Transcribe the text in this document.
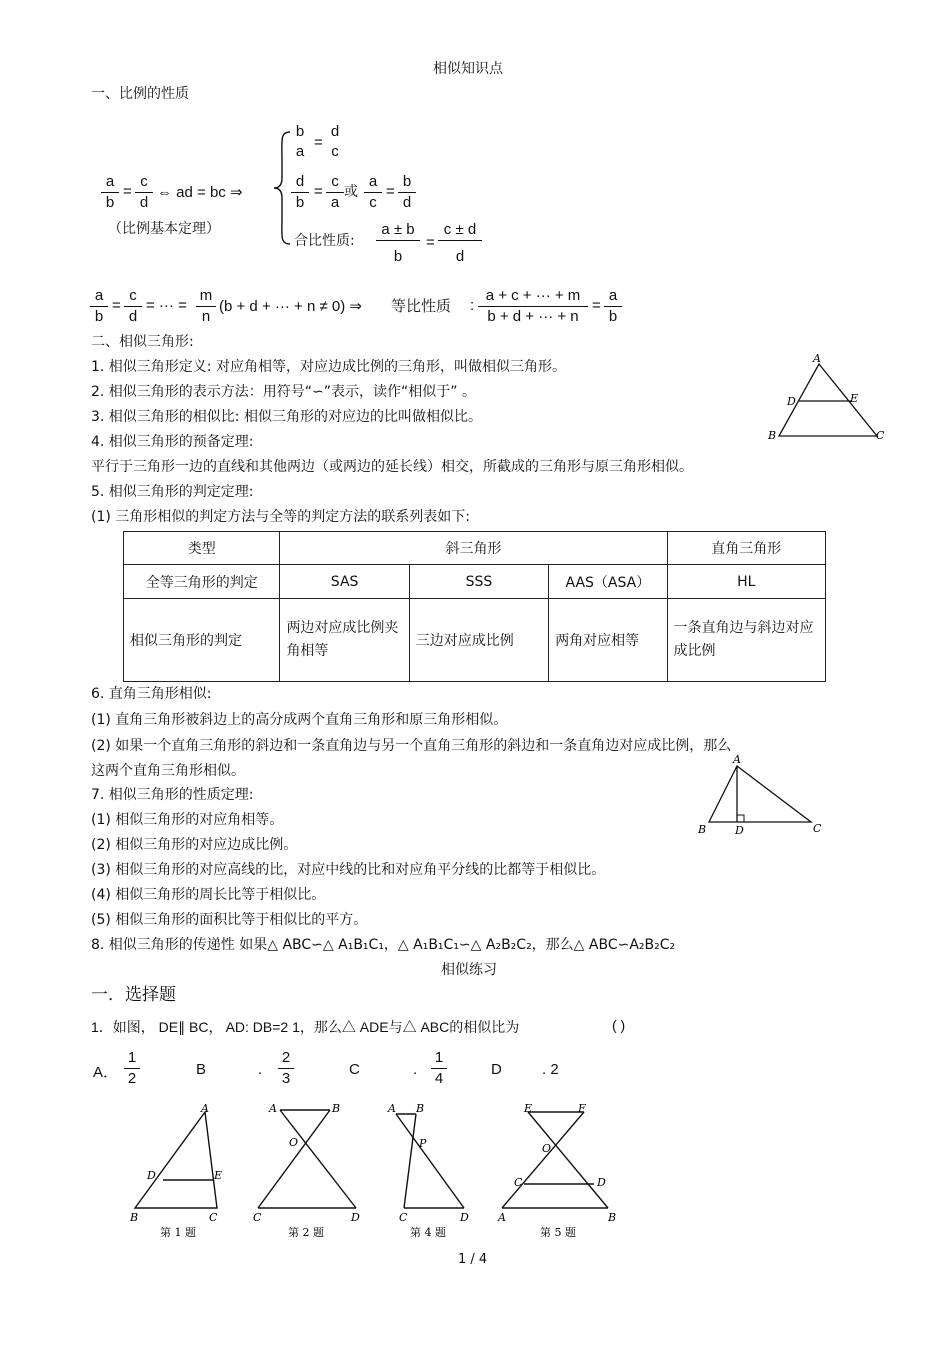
相似知识点
一、比例的性质
a
b
=
c
d
⇔ ad = bc ⇒
（比例基本定理）
b
a
=
d
c
d
b
=
c
a
或
a
c
=
b
d
合比性质:
a ± b
b
=
c ± d
d
a
b
=
c
d
= ··· =
m
n
(b + d + ··· + n ≠ 0) ⇒ 等比性质 :
a + c + ··· + m
b + d + ··· + n
=
a
b
二、相似三角形:
1. 相似三角形定义: 对应角相等，对应边成比例的三角形，叫做相似三角形。
2. 相似三角形的表示方法：用符号“∽”表示，读作“相似于” 。
3. 相似三角形的相似比: 相似三角形的对应边的比叫做相似比。
4. 相似三角形的预备定理:
平行于三角形一边的直线和其他两边（或两边的延长线）相交，所截成的三角形与原三角形相似。
5. 相似三角形的判定定理:
(1) 三角形相似的判定方法与全等的判定方法的联系列表如下:
A
D	E
B	C
类型	斜三角形			直角三角形
全等三角形的判定	SAS	SSS	AAS（ASA）	HL
相似三角形的判定	两边对应成比例夹角相等	三边对应成比例	两角对应相等	一条直角边与斜边对应成比例
6. 直角三角形相似:
(1) 直角三角形被斜边上的高分成两个直角三角形和原三角形相似。
(2) 如果一个直角三角形的斜边和一条直角边与另一个直角三角形的斜边和一条直角边对应成比例，那么
这两个直角三角形相似。
7. 相似三角形的性质定理:
(1) 相似三角形的对应角相等。
(2) 相似三角形的对应边成比例。
(3) 相似三角形的对应高线的比，对应中线的比和对应角平分线的比都等于相似比。
(4) 相似三角形的周长比等于相似比。
(5) 相似三角形的面积比等于相似比的平方。
8. 相似三角形的传递性 如果△ ABC∽△ A₁B₁C₁，△ A₁B₁C₁∽△ A₂B₂C₂，那么△ ABC∽A₂B₂C₂
A
B	D	C
相似练习
一．选择题
1．如图， DE∥ BC， AD: DB=2 1，那么△ ADE与△ ABC的相似比为	( )
A．
1
2
B	.
2
3
C	.
1
4
D	. 2
A
D	E
B	C
第 1 题
A	B
O
C	D
第 2 题
A B
P
C	D
第 4 题
E	F
O
C	D
A	B
第 5 题
1 / 4
